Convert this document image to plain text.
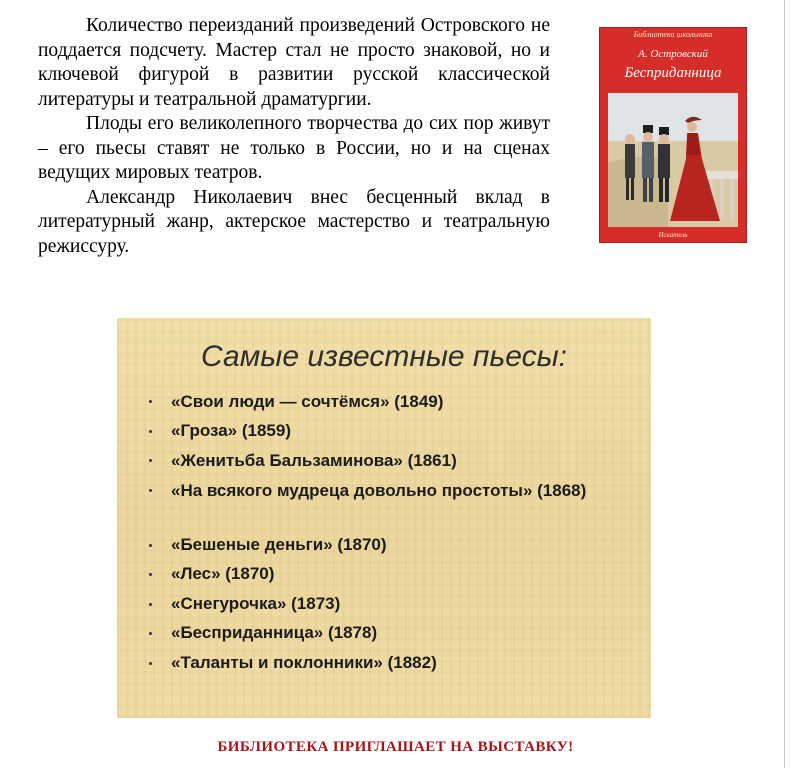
Количество переизданий произведений Островского не поддается подсчету. Мастер стал не просто знаковой, но и ключевой фигурой в развитии русской классической литературы и театральной драматургии.

Плоды его великолепного творчества до сих пор живут – его пьесы ставят не только в России, но и на сценах ведущих мировых театров.

Александр Николаевич внес бесценный вклад в литературный жанр, актерское мастерство и театральную режиссуру.

Библиотека школьника
А. Островский
Бесприданница
Искатель
Самые известные пьесы:
«Свои люди — сочтёмся» (1849)
«Гроза» (1859)
«Женитьба Бальзаминова» (1861)
«На всякого мудреца довольно простоты» (1868)
«Бешеные деньги» (1870)
«Лес» (1870)
«Снегурочка» (1873)
«Бесприданница» (1878)
«Таланты и поклонники» (1882)
БИБЛИОТЕКА ПРИГЛАШАЕТ НА ВЫСТАВКУ!
